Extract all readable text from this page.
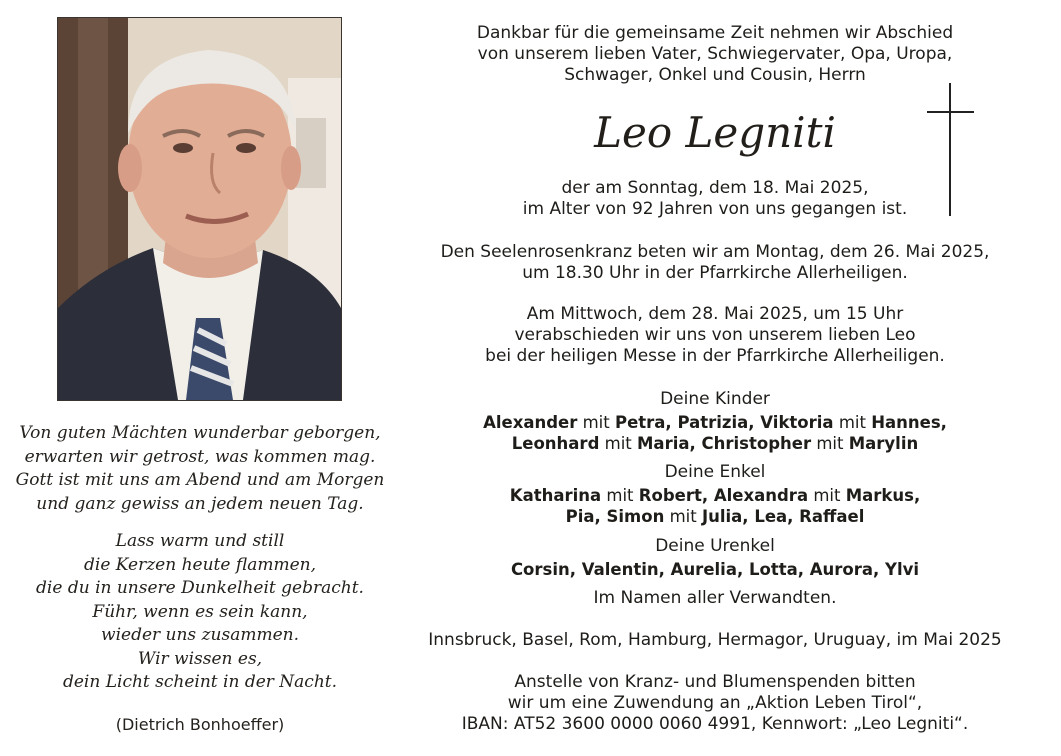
Von guten Mächten wunderbar geborgen,
erwarten wir getrost, was kommen mag.
Gott ist mit uns am Abend und am Morgen
und ganz gewiss an jedem neuen Tag.
Lass warm und still
die Kerzen heute flammen,
die du in unsere Dunkelheit gebracht.
Führ, wenn es sein kann,
wieder uns zusammen.
Wir wissen es,
dein Licht scheint in der Nacht.
(Dietrich Bonhoeffer)
Dankbar für die gemeinsame Zeit nehmen wir Abschied
von unserem lieben Vater, Schwiegervater, Opa, Uropa,
Schwager, Onkel und Cousin, Herrn
Leo Legniti
der am Sonntag, dem 18. Mai 2025,
im Alter von 92 Jahren von uns gegangen ist.
Den Seelenrosenkranz beten wir am Montag, dem 26. Mai 2025,
um 18.30 Uhr in der Pfarrkirche Allerheiligen.
Am Mittwoch, dem 28. Mai 2025, um 15 Uhr
verabschieden wir uns von unserem lieben Leo
bei der heiligen Messe in der Pfarrkirche Allerheiligen.
Deine Kinder
Alexander mit Petra, Patrizia, Viktoria mit Hannes,
Leonhard mit Maria, Christopher mit Marylin
Deine Enkel
Katharina mit Robert, Alexandra mit Markus,
Pia, Simon mit Julia, Lea, Raffael
Deine Urenkel
Corsin, Valentin, Aurelia, Lotta, Aurora, Ylvi
Im Namen aller Verwandten.
Innsbruck, Basel, Rom, Hamburg, Hermagor, Uruguay, im Mai 2025
Anstelle von Kranz- und Blumenspenden bitten
wir um eine Zuwendung an „Aktion Leben Tirol“,
IBAN: AT52 3600 0000 0060 4991, Kennwort: „Leo Legniti“.
